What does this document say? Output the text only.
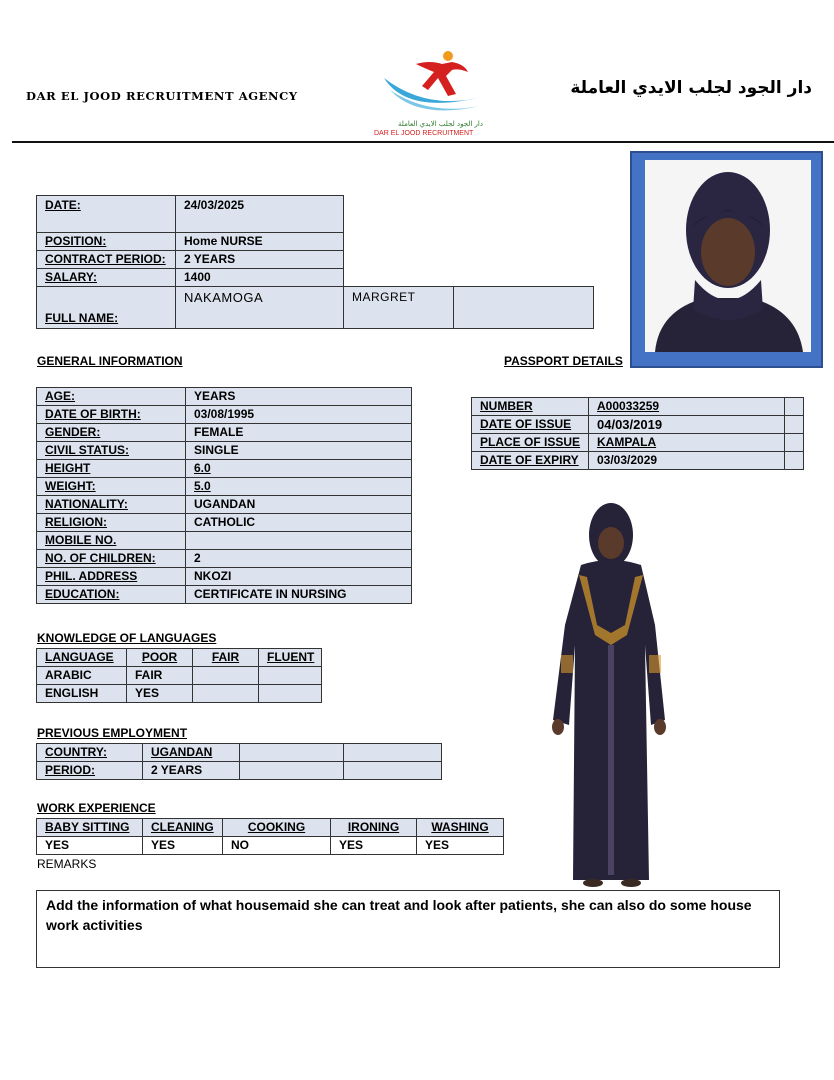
DAR EL JOOD RECRUITMENT AGENCY
دار الجود لجلب الايدي العاملة
DAR EL JOOD RECRUITMENT
دار الجود لجلب الايدي العاملة
DATE:	24/03/2025		
POSITION:	Home NURSE		
CONTRACT PERIOD:	2 YEARS		
SALARY:	1400		
FULL NAME:	NAKAMOGA	MARGRET	
GENERAL INFORMATION	PASSPORT DETAILS
AGE:	YEARS
DATE OF BIRTH:	03/08/1995
GENDER:	FEMALE
CIVIL STATUS:	SINGLE
HEIGHT	6.0
WEIGHT:	5.0
NATIONALITY:	UGANDAN
RELIGION:	CATHOLIC
MOBILE NO.	
NO. OF CHILDREN:	2
PHIL. ADDRESS	NKOZI
EDUCATION:	CERTIFICATE IN NURSING
NUMBER	A00033259	
DATE OF ISSUE	04/03/2019	
PLACE OF ISSUE	KAMPALA	
DATE OF EXPIRY	03/03/2029	
KNOWLEDGE OF LANGUAGES
LANGUAGE	POOR	FAIR	FLUENT
ARABIC	FAIR		
ENGLISH	YES		
PREVIOUS EMPLOYMENT
COUNTRY:	UGANDAN		
PERIOD:	2 YEARS		
WORK EXPERIENCE
BABY SITTING	CLEANING	COOKING	IRONING	WASHING
YES	YES	NO	YES	YES
REMARKS
Add the information of what housemaid she can treat and look after patients, she can also do some house work activities
